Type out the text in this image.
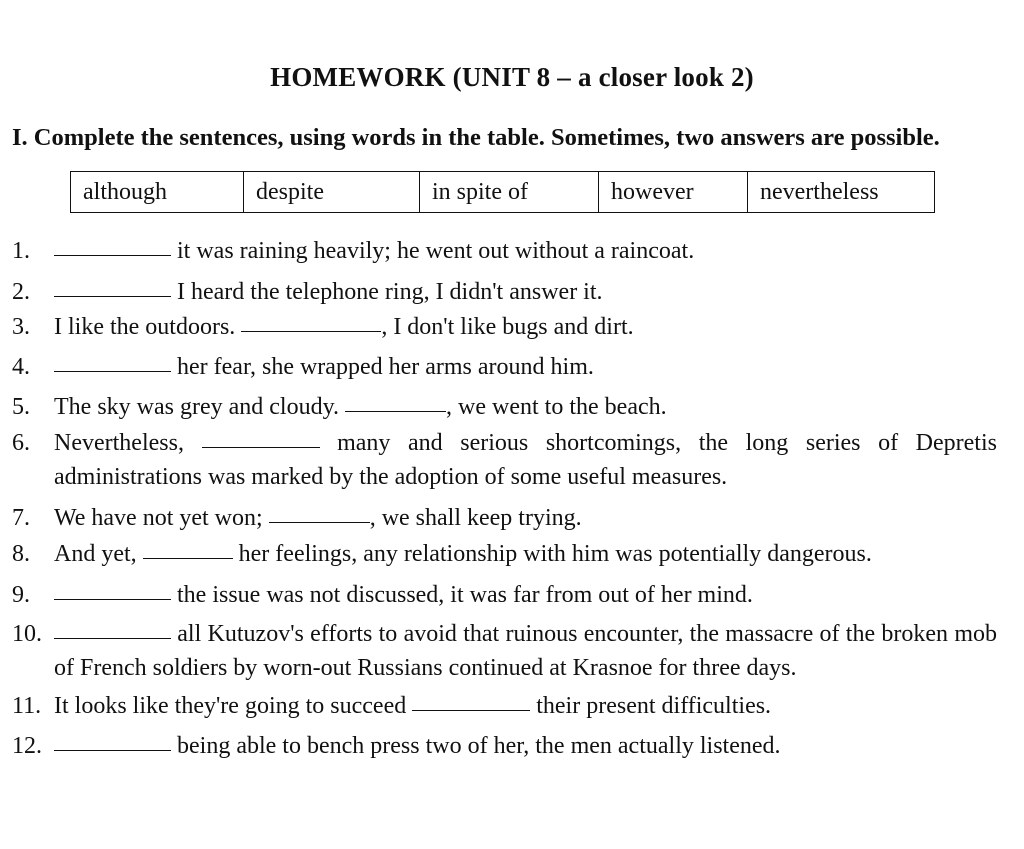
HOMEWORK (UNIT 8 – a closer look 2)
I. Complete the sentences, using words in the table. Sometimes, two answers are possible.
although	despite	in spite of	however	nevertheless
1.	it was raining heavily; he went out without a raincoat.
2.	I heard the telephone ring, I didn't answer it.
3. I like the outdoors.	, I don't like bugs and dirt.
4.	her fear, she wrapped her arms around him.
5. The sky was grey and cloudy.	, we went to the beach.
6. Nevertheless,	many and serious shortcomings, the long series of Depretis administrations was marked by the adoption of some useful measures.
7. We have not yet won;	, we shall keep trying.
8. And yet,	her feelings, any relationship with him was potentially dangerous.
9.	the issue was not discussed, it was far from out of her mind.
10.	all Kutuzov's efforts to avoid that ruinous encounter, the massacre of the broken mob of French soldiers by worn-out Russians continued at Krasnoe for three days.
11. It looks like they're going to succeed	their present difficulties.
12.	being able to bench press two of her, the men actually listened.
